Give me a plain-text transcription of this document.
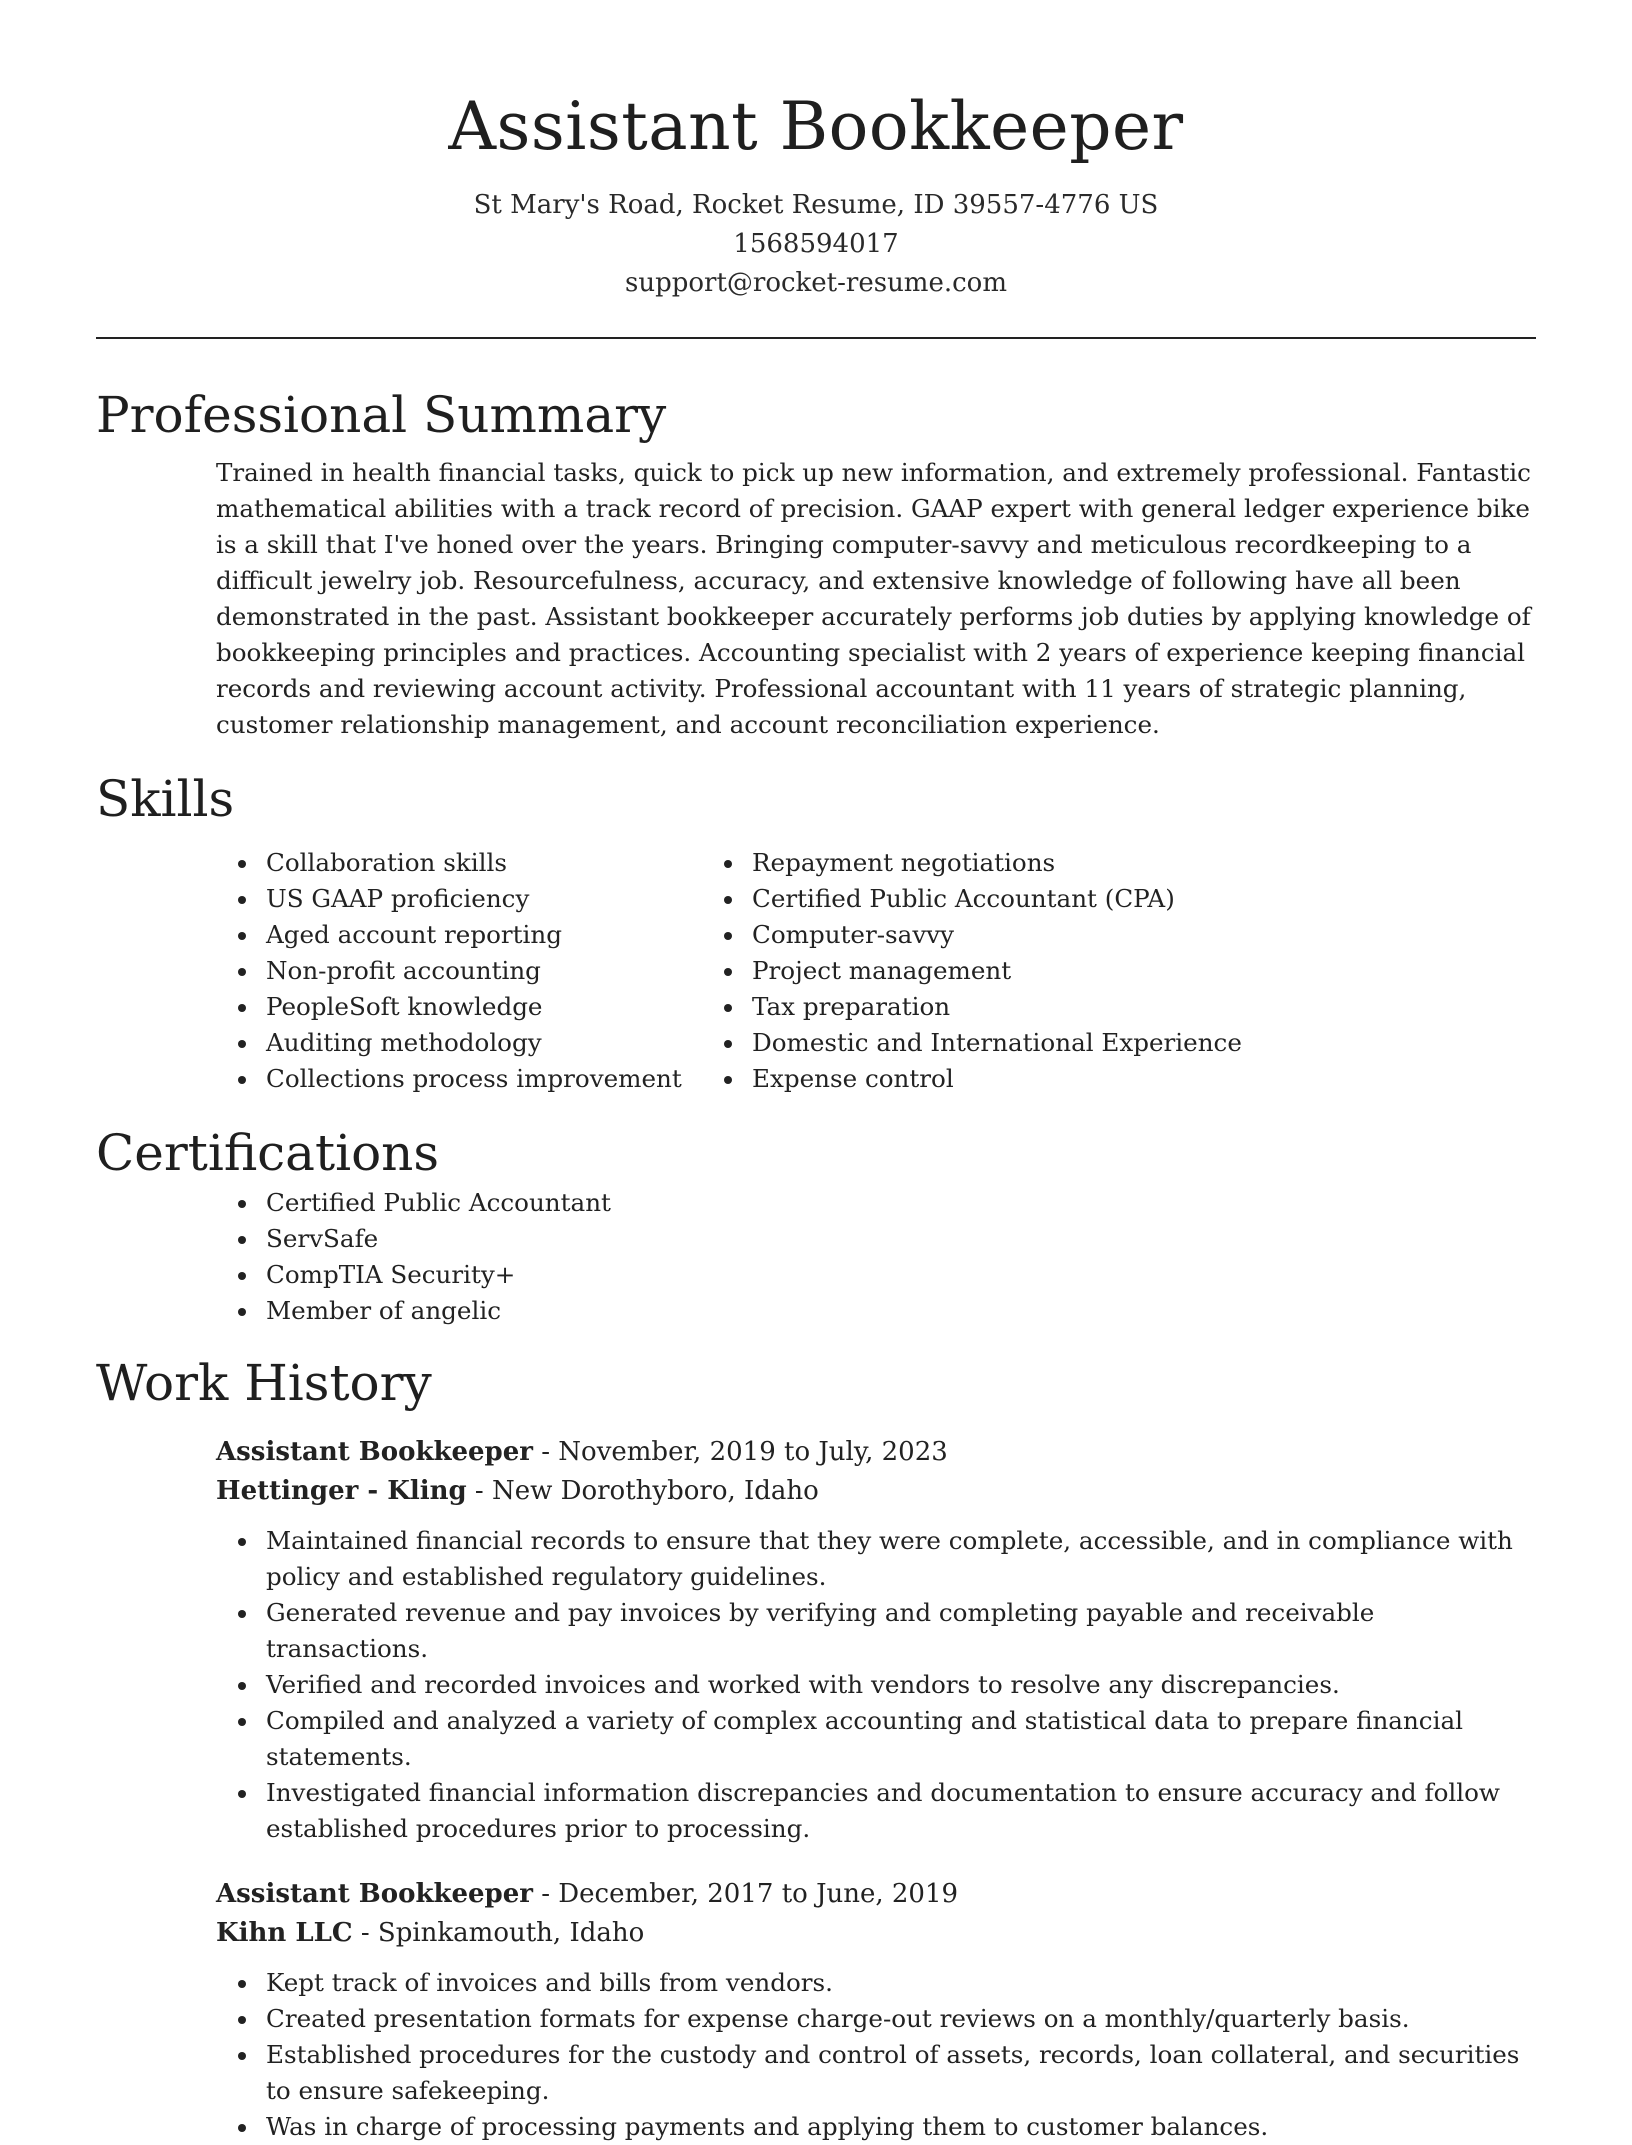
Assistant Bookkeeper
St Mary's Road, Rocket Resume, ID 39557-4776 US
1568594017
support@rocket-resume.com
Professional Summary

Trained in health financial tasks, quick to pick up new information, and extremely professional. Fantastic mathematical abilities with a track record of precision. GAAP expert with general ledger experience bike is a skill that I've honed over the years. Bringing computer-savvy and meticulous recordkeeping to a difficult jewelry job. Resourcefulness, accuracy, and extensive knowledge of following have all been demonstrated in the past. Assistant bookkeeper accurately performs job duties by applying knowledge of bookkeeping principles and practices. Accounting specialist with 2 years of experience keeping financial records and reviewing account activity. Professional accountant with 11 years of strategic planning, customer relationship management, and account reconciliation experience.

Skills
• Collaboration skills
• US GAAP proficiency
• Aged account reporting
• Non-profit accounting
• PeopleSoft knowledge
• Auditing methodology
• Collections process improvement
• Repayment negotiations
• Certified Public Accountant (CPA)
• Computer-savvy
• Project management
• Tax preparation
• Domestic and International Experience
• Expense control
Certifications
• Certified Public Accountant
• ServSafe
• CompTIA Security+
• Member of angelic
Work History
Assistant Bookkeeper - November, 2019 to July, 2023
Hettinger - Kling - New Dorothyboro, Idaho
• Maintained financial records to ensure that they were complete, accessible, and in compliance with policy and established regulatory guidelines.
• Generated revenue and pay invoices by verifying and completing payable and receivable transactions.
• Verified and recorded invoices and worked with vendors to resolve any discrepancies.
• Compiled and analyzed a variety of complex accounting and statistical data to prepare financial statements.
• Investigated financial information discrepancies and documentation to ensure accuracy and follow established procedures prior to processing.
Assistant Bookkeeper - December, 2017 to June, 2019
Kihn LLC - Spinkamouth, Idaho
• Kept track of invoices and bills from vendors.
• Created presentation formats for expense charge-out reviews on a monthly/quarterly basis.
• Established procedures for the custody and control of assets, records, loan collateral, and securities to ensure safekeeping.
• Was in charge of processing payments and applying them to customer balances.
